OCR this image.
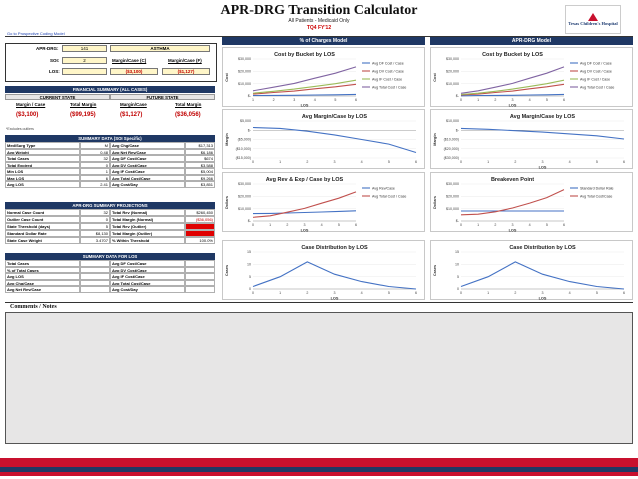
APR-DRG Transition Calculator
All Patients - Medicaid Only
TQ4 FY'12
Go to Prospective Coding Model
Texas Children's Hospital
APR-DRG:	141	ASTHMA
SOI:	2	Margin/Case (C)	Margin/Case (F)
LOS:	($3,100)	($1,127)
FINANCIAL SUMMARY (ALL CASES)
CURRENT STATE	FUTURE STATE
Margin / Case	Total Margin	Margin/Case	Total Margin
($3,100)	($99,195)	($1,127)	($36,056)
*Excludes outliers
SUMMARY DATA (SOI Specific)
Med/Surg Type	M	Avg Chg/Case	$17,313
Avg Weight	0.48	Avg Net Rev/Case	$6,186
Total Cases	32	Avg DF Cost/Case	$674
Total Expired	0	Avg DV Cost/Case	$3,588
Min LOS	1	Avg IF Cost/Case	$5,004
Max LOS	6	Avg Total Cost/Case	$9,266
Avg LOS	2.41	Avg Cost/Day	$3,851
APR-DRG SUMMARY PROJECTIONS
Normal Case Count	32	Total Rev (Normal)	$260,450
Outlier Case Count	0	Total Margin (Normal)	($36,056)
State Threshold (days)	5	Total Rev (Outlier)	$0
Standard Dollar Rate	$8,130	Total Margin (Outlier)	$0
State Case Weight	3.4707	% Within Threshold	100.0%
SUMMARY DATA FOR LOS
Total Cases	Avg DF Cost/Case
% of Total Cases	Avg DV Cost/Case
Avg LOS	Avg IF Cost/Case
Avg Chg/Case	Avg Total Cost/Case
Avg Net Rev/Case	Avg Cost/Day
% of Charges Model	APR-DRG Model
Cost by Bucket by LOS
$-
$10,000
$20,000
$30,000
1	2	3	4	5	6
LOS
Cost
Avg DF Cost / Case
Avg DV Cost / Case
Avg IF Cost / Case
Avg Total Cost / Case
Cost by Bucket by LOS
$-
$10,000
$20,000
$30,000
0	1	2	3	4	5	6
LOS
Cost
Avg DF Cost / Case
Avg DV Cost / Case
Avg IF Cost / Case
Avg Total Cost / Case
Avg Margin/Case by LOS
($15,000)
($10,000)
($5,000)
$-
$5,000
0	1	2	3	4	5	6
Margin
Avg Margin/Case by LOS
($30,000)
($20,000)
($10,000)
$-
$10,000
0	1	2	3	4	5	6
LOS
Margin
Avg Rev & Exp / Case by LOS
$-
$10,000
$20,000
$30,000
0	1	2	3	4	5	6
LOS
Dollars
Avg Rev/Case
Avg Total Cost / Case
Breakeven Point
$-
$10,000
$20,000
$30,000
0	1	2	3	4	5	6
LOS
Dollars
Standard Dollar Rate
Avg Total Cost/Case
Case Distribution by LOS
0
5
10
15
0	1	2	3	4	5	6
LOS
Cases
Case Distribution by LOS
0
5
10
15
0	1	2	3	4	5	6
LOS
Cases
Comments / Notes
